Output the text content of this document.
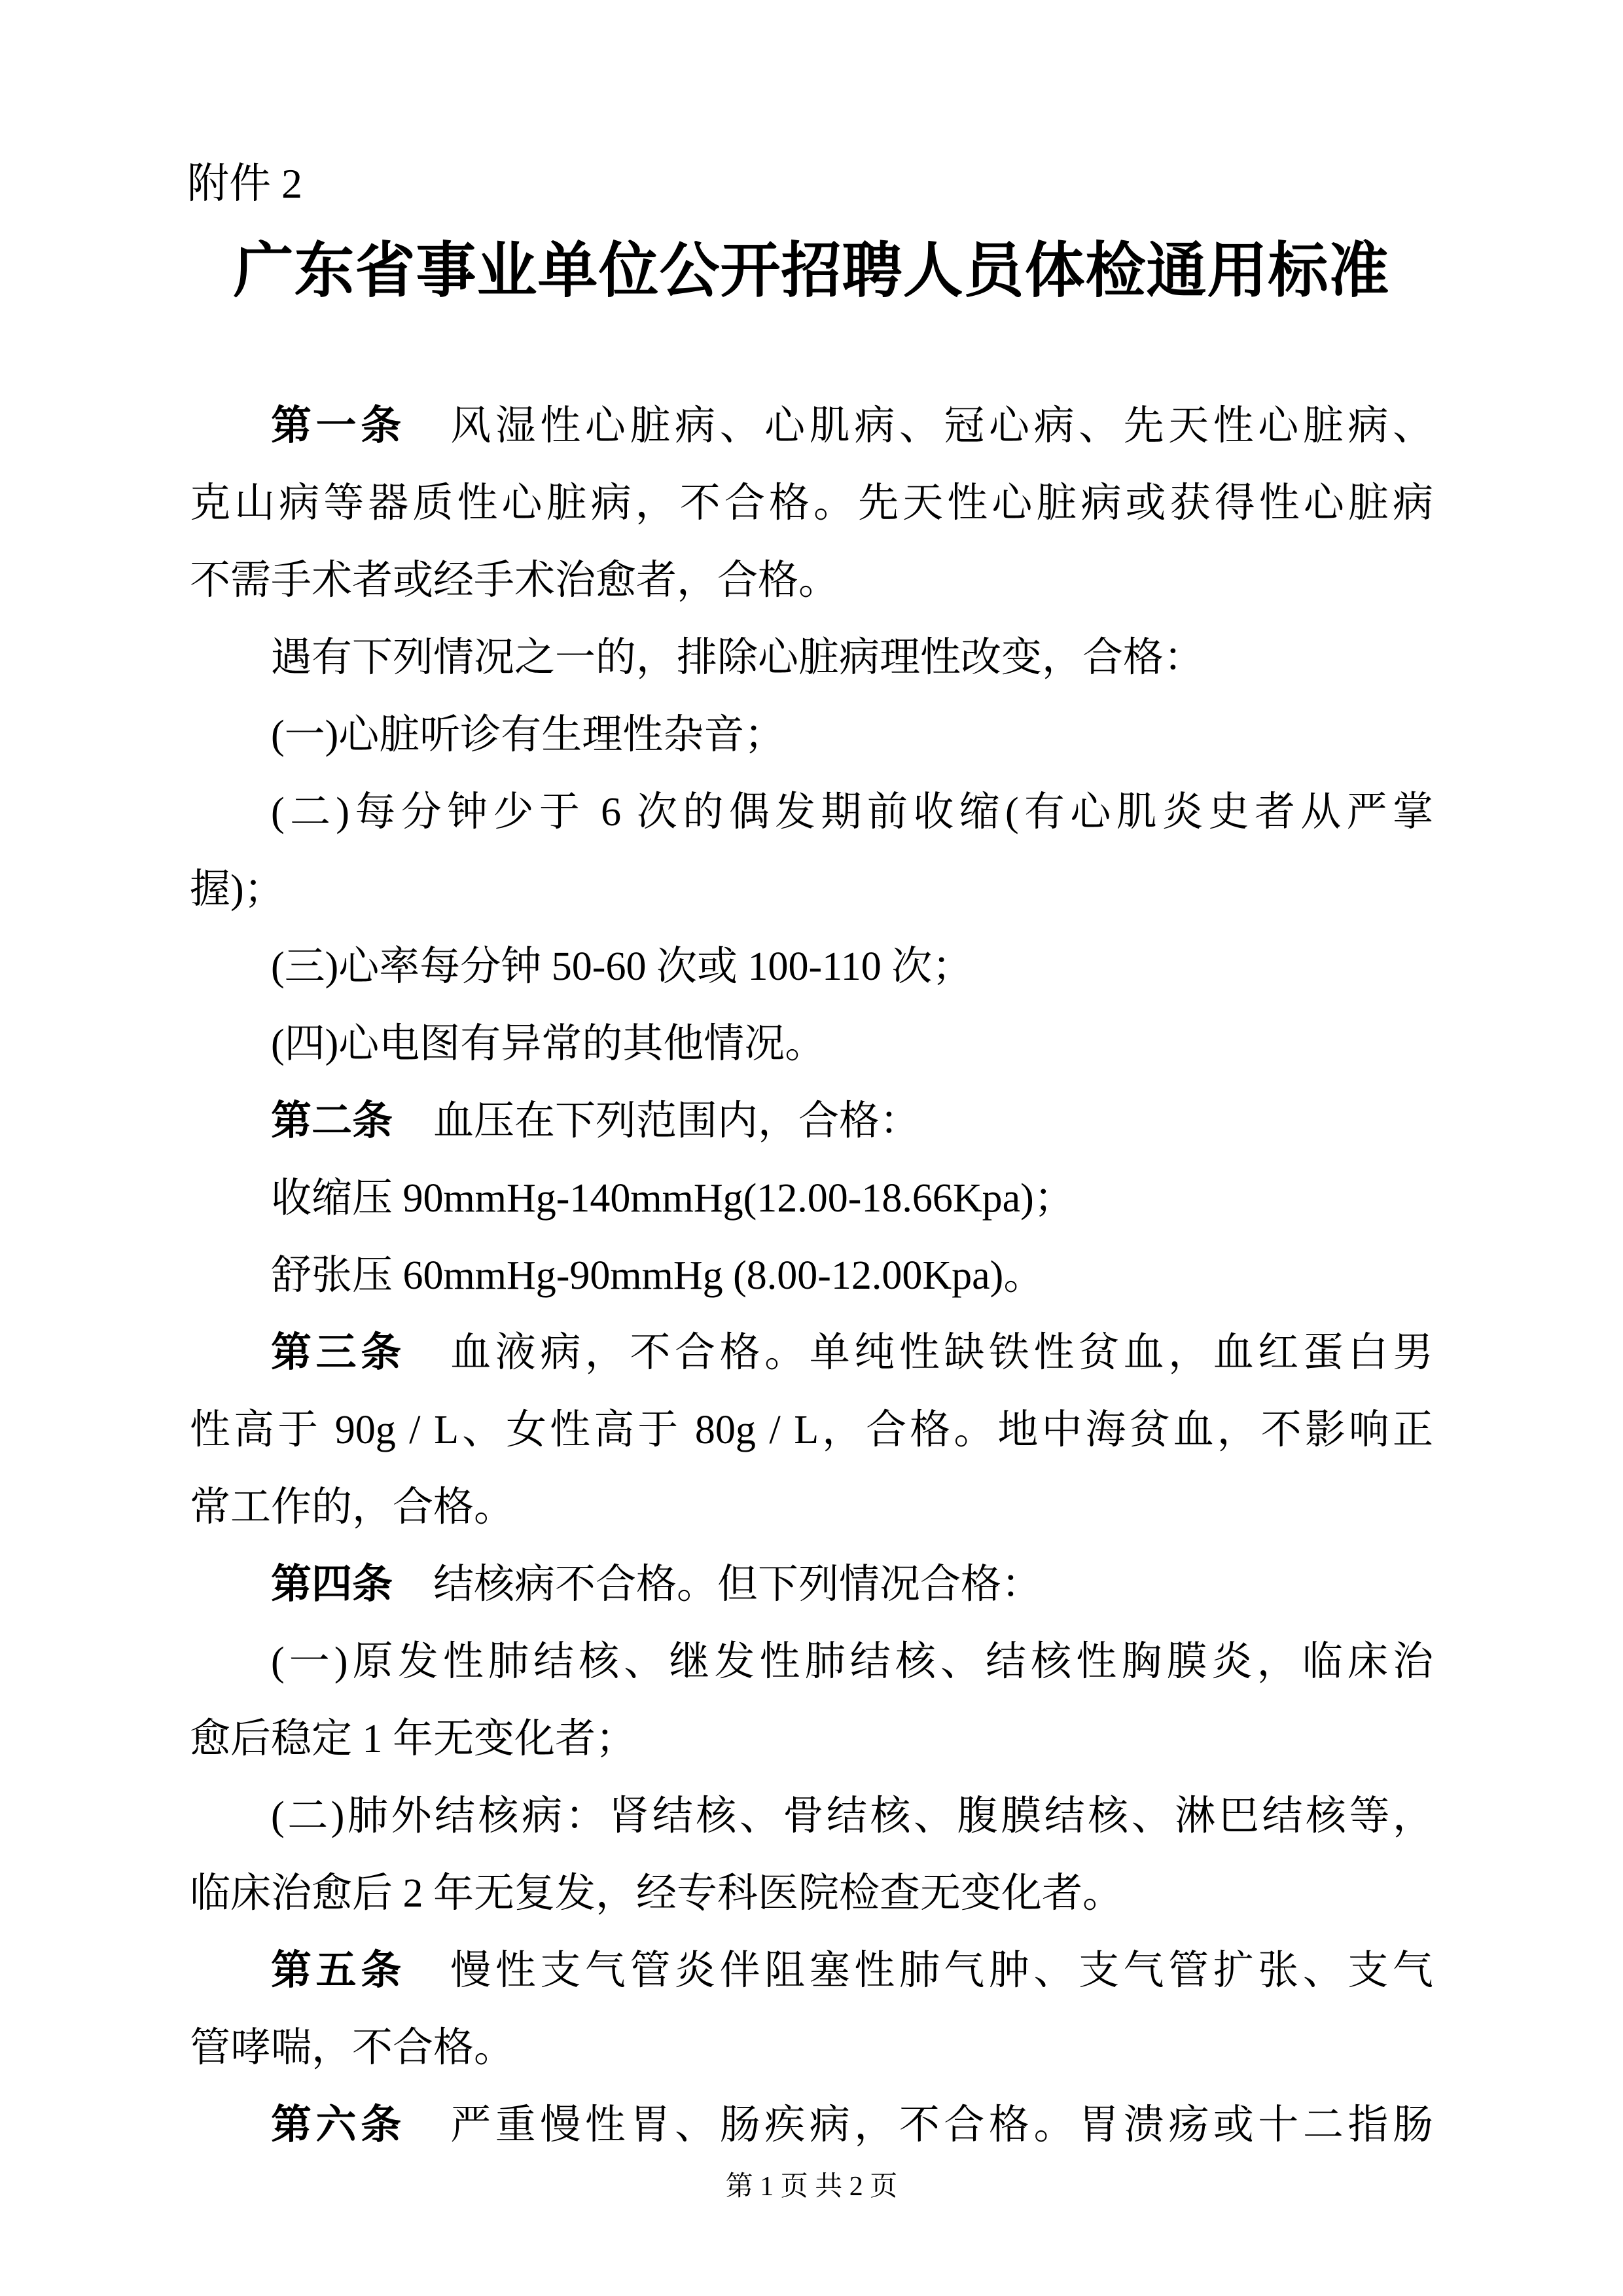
附件 2
广东省事业单位公开招聘人员体检通用标准
第一条　风湿性心脏病、心肌病、冠心病、先天性心脏病、
克山病等器质性心脏病，不合格。先天性心脏病或获得性心脏病
不需手术者或经手术治愈者，合格。
遇有下列情况之一的，排除心脏病理性改变，合格：
(一)心脏听诊有生理性杂音；
(二)每分钟少于 6 次的偶发期前收缩(有心肌炎史者从严掌
握)；
(三)心率每分钟 50-60 次或 100-110 次；
(四)心电图有异常的其他情况。
第二条　血压在下列范围内，合格：
收缩压 90mmHg-140mmHg(12.00-18.66Kpa)；
舒张压 60mmHg-90mmHg (8.00-12.00Kpa)。
第三条　血液病，不合格。单纯性缺铁性贫血，血红蛋白男
性高于 90g / L、女性高于 80g / L，合格。地中海贫血，不影响正
常工作的，合格。
第四条　结核病不合格。但下列情况合格：
(一)原发性肺结核、继发性肺结核、结核性胸膜炎，临床治
愈后稳定 1 年无变化者；
(二)肺外结核病：肾结核、骨结核、腹膜结核、淋巴结核等，
临床治愈后 2 年无复发，经专科医院检查无变化者。
第五条　慢性支气管炎伴阻塞性肺气肿、支气管扩张、支气
管哮喘，不合格。
第六条　严重慢性胃、肠疾病，不合格。胃溃疡或十二指肠
第 1 页 共 2 页
